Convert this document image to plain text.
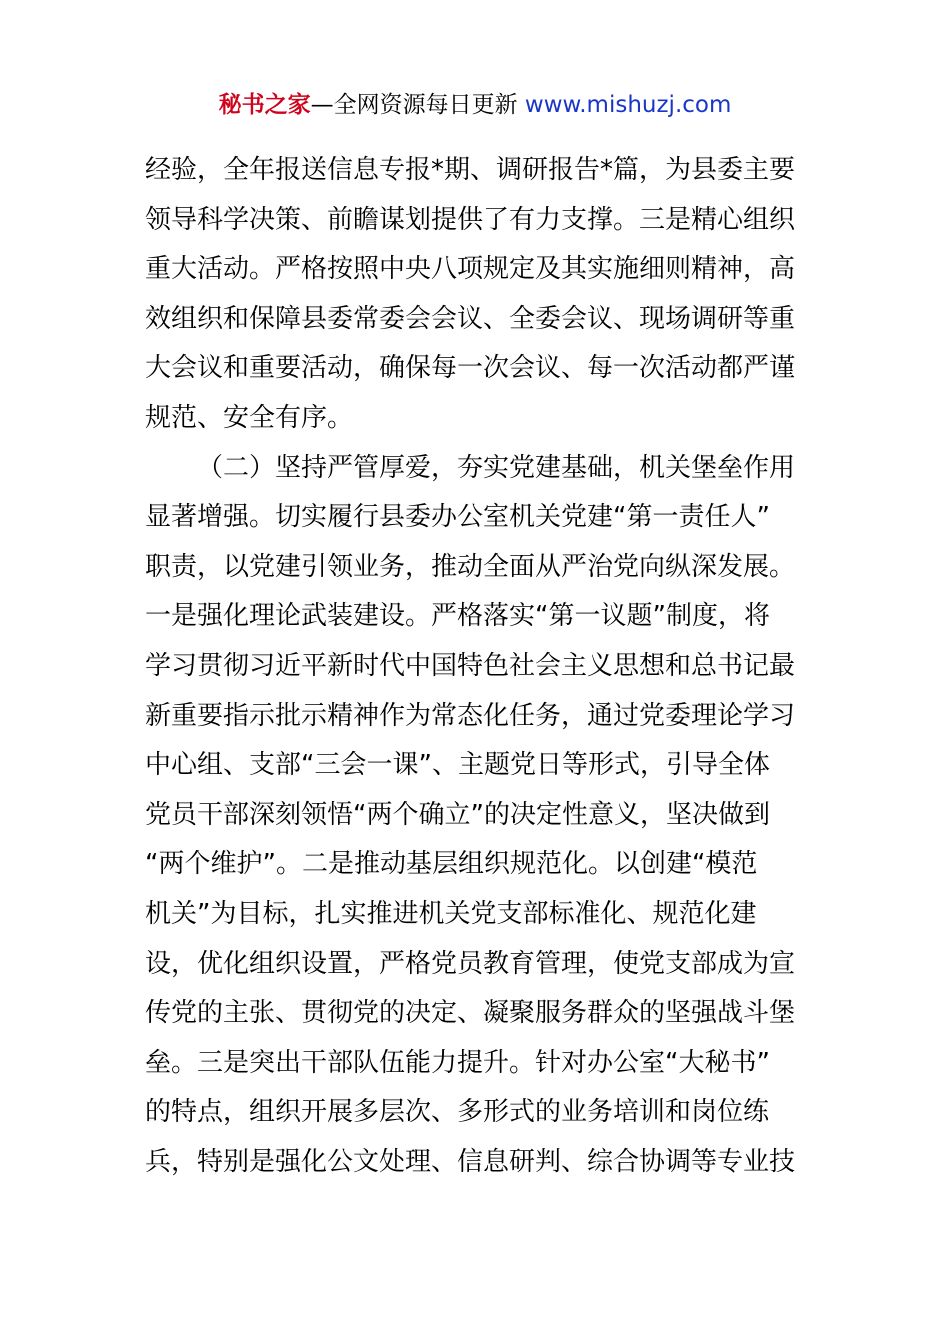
秘书之家—全网资源每日更新 www.mishuzj.com
经验，全年报送信息专报*期、调研报告*篇，为县委主要
领导科学决策、前瞻谋划提供了有力支撑。三是精心组织
重大活动。严格按照中央八项规定及其实施细则精神，高
效组织和保障县委常委会会议、全委会议、现场调研等重
大会议和重要活动，确保每一次会议、每一次活动都严谨
规范、安全有序。
（二）坚持严管厚爱，夯实党建基础，机关堡垒作用
显著增强。切实履行县委办公室机关党建“第一责任人”
职责，以党建引领业务，推动全面从严治党向纵深发展。
一是强化理论武装建设。严格落实“第一议题”制度，将
学习贯彻习近平新时代中国特色社会主义思想和总书记最
新重要指示批示精神作为常态化任务，通过党委理论学习
中心组、支部“三会一课”、主题党日等形式，引导全体
党员干部深刻领悟“两个确立”的决定性意义，坚决做到
“两个维护”。二是推动基层组织规范化。以创建“模范
机关”为目标，扎实推进机关党支部标准化、规范化建
设，优化组织设置，严格党员教育管理，使党支部成为宣
传党的主张、贯彻党的决定、凝聚服务群众的坚强战斗堡
垒。三是突出干部队伍能力提升。针对办公室“大秘书”
的特点，组织开展多层次、多形式的业务培训和岗位练
兵，特别是强化公文处理、信息研判、综合协调等专业技
